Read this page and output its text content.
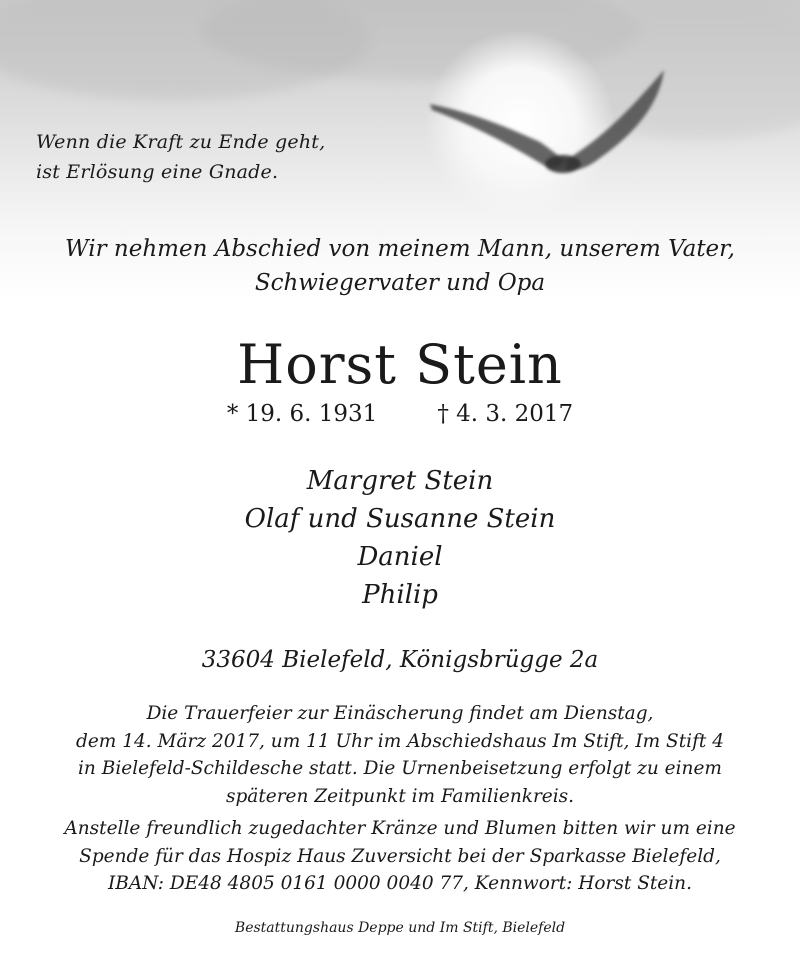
Wenn die Kraft zu Ende geht,
ist Erlösung eine Gnade.
Wir nehmen Abschied von meinem Mann, unserem Vater,
Schwiegervater und Opa
Horst Stein
* 19. 6. 1931	† 4. 3. 2017
Margret Stein
Olaf und Susanne Stein
Daniel
Philip
33604 Bielefeld, Königsbrügge 2a
Die Trauerfeier zur Einäscherung findet am Dienstag,
dem 14. März 2017, um 11 Uhr im Abschiedshaus Im Stift, Im Stift 4
in Bielefeld-Schildesche statt. Die Urnenbeisetzung erfolgt zu einem
späteren Zeitpunkt im Familienkreis.
Anstelle freundlich zugedachter Kränze und Blumen bitten wir um eine
Spende für das Hospiz Haus Zuversicht bei der Sparkasse Bielefeld,
IBAN: DE48 4805 0161 0000 0040 77, Kennwort: Horst Stein.
Bestattungshaus Deppe und Im Stift, Bielefeld
